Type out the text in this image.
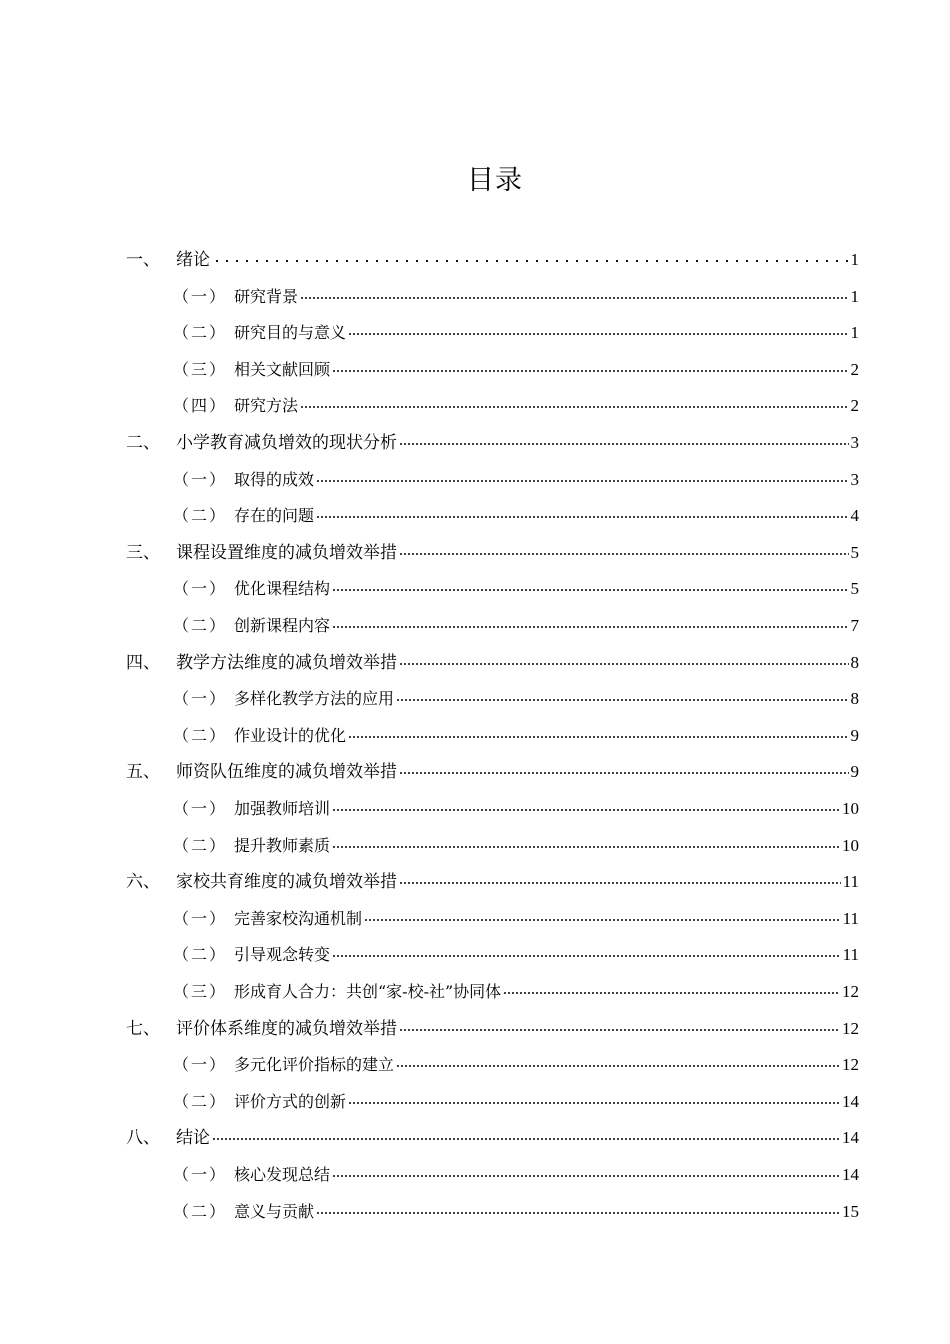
目录
一、 绪论	1
（一） 研究背景	1
（二） 研究目的与意义	1
（三） 相关文献回顾	2
（四） 研究方法	2
二、 小学教育减负增效的现状分析	3
（一） 取得的成效	3
（二） 存在的问题	4
三、 课程设置维度的减负增效举措	5
（一） 优化课程结构	5
（二） 创新课程内容	7
四、 教学方法维度的减负增效举措	8
（一） 多样化教学方法的应用	8
（二） 作业设计的优化	9
五、 师资队伍维度的减负增效举措	9
（一） 加强教师培训	10
（二） 提升教师素质	10
六、 家校共育维度的减负增效举措	11
（一） 完善家校沟通机制	11
（二） 引导观念转变	11
（三） 形成育人合力：共创“家-校-社”协同体	12
七、 评价体系维度的减负增效举措	12
（一） 多元化评价指标的建立	12
（二） 评价方式的创新	14
八、 结论	14
（一） 核心发现总结	14
（二） 意义与贡献	15
